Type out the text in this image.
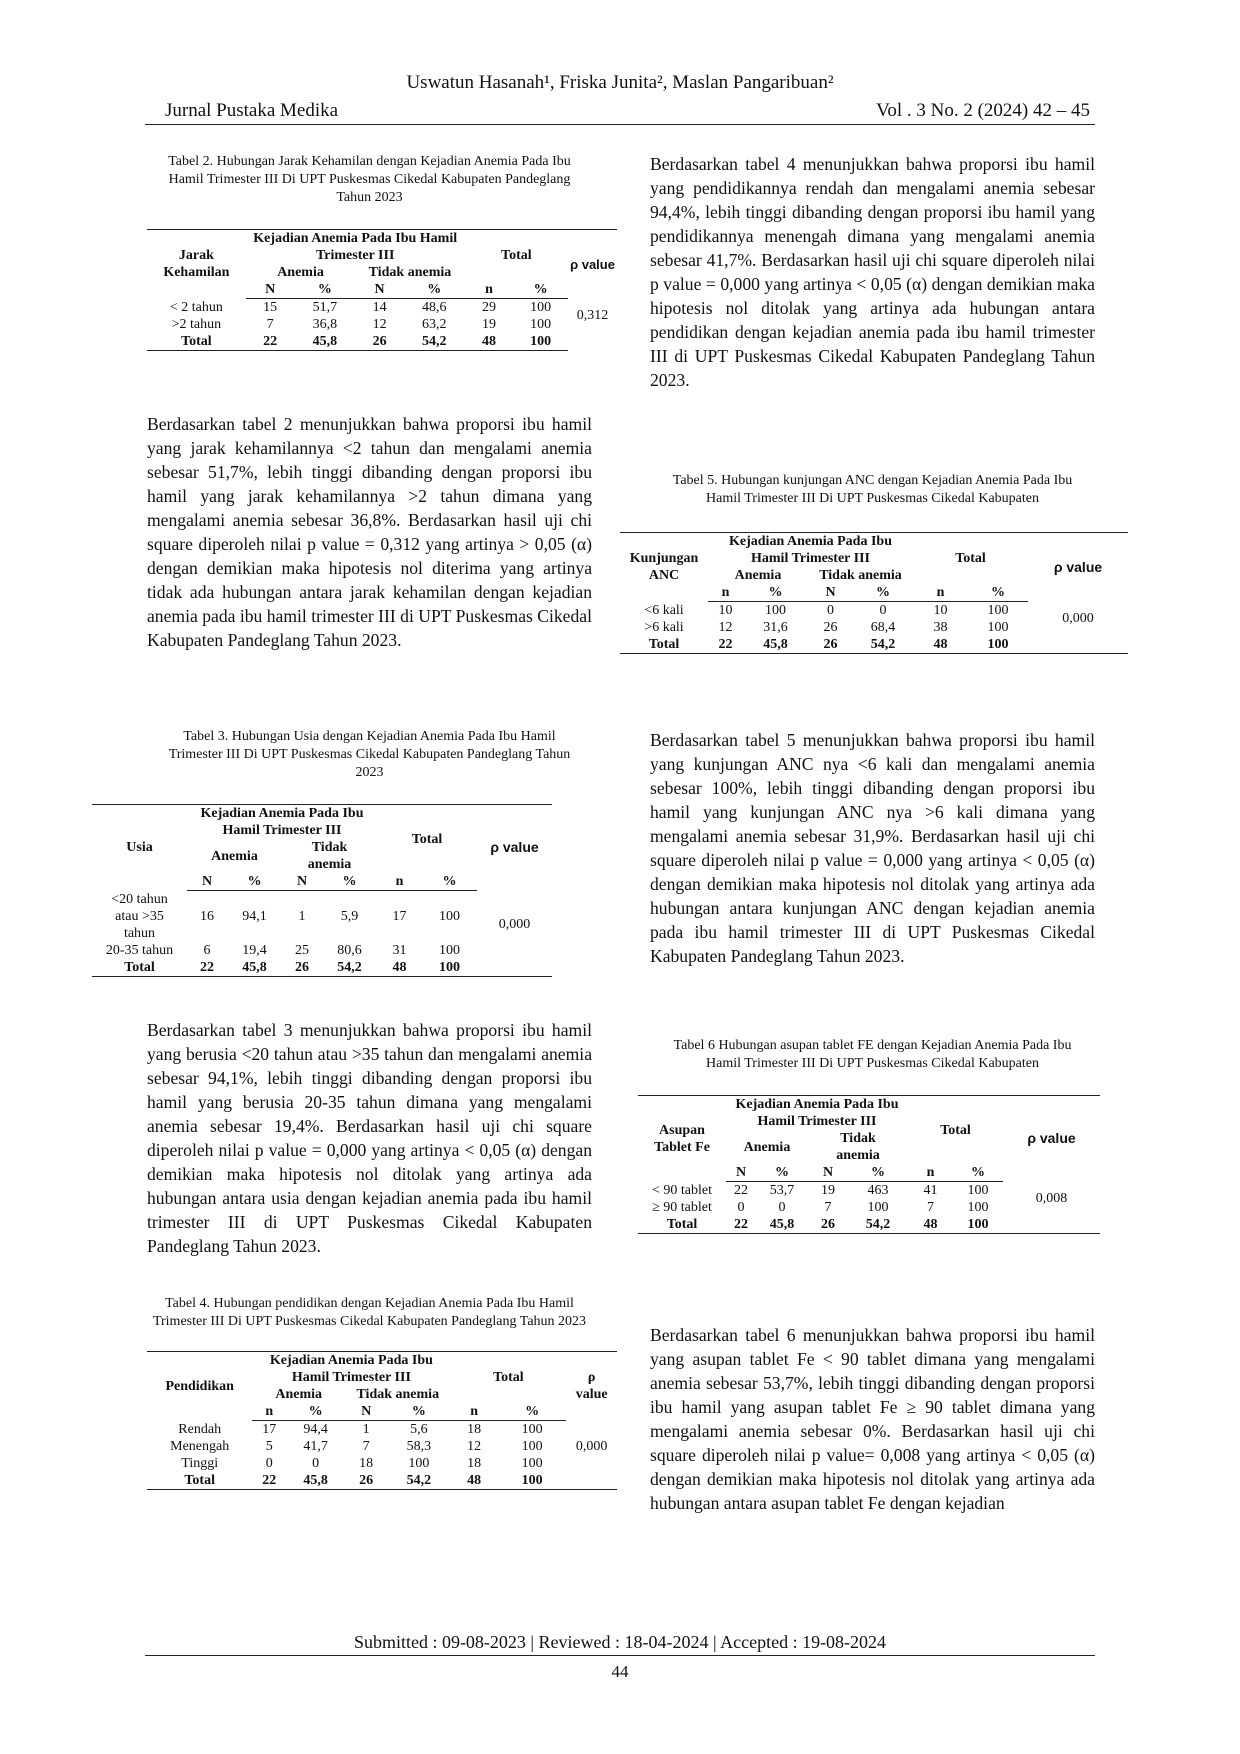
Uswatun Hasanah¹, Friska Junita², Maslan Pangaribuan²
Jurnal Pustaka Medika	Vol . 3 No. 2 (2024) 42 – 45
Tabel 2. Hubungan Jarak Kehamilan dengan Kejadian Anemia Pada Ibu Hamil Trimester III Di UPT Puskesmas Cikedal Kabupaten Pandeglang Tahun 2023
Jarak Kehamilan	Kejadian Anemia Pada Ibu Hamil Trimester III				Total		ρ value
	Anemia		Tidak anemia				
	N	%	N	%	n	%	
< 2 tahun	15	51,7	14	48,6	29	100	0,312
>2 tahun	7	36,8	12	63,2	19	100	
Total	22	45,8	26	54,2	48	100	

Berdasarkan tabel 2 menunjukkan bahwa proporsi ibu hamil yang jarak kehamilannya <2 tahun dan mengalami anemia sebesar 51,7%, lebih tinggi dibanding dengan proporsi ibu hamil yang jarak kehamilannya >2 tahun dimana yang mengalami anemia sebesar 36,8%. Berdasarkan hasil uji chi square diperoleh nilai p value = 0,312 yang artinya > 0,05 (α) dengan demikian maka hipotesis nol diterima yang artinya tidak ada hubungan antara jarak kehamilan dengan kejadian anemia pada ibu hamil trimester III di UPT Puskesmas Cikedal Kabupaten Pandeglang Tahun 2023.

Tabel 3. Hubungan Usia dengan Kejadian Anemia Pada Ibu Hamil Trimester III Di UPT Puskesmas Cikedal Kabupaten Pandeglang Tahun 2023
Usia	Kejadian Anemia Pada Ibu Hamil Trimester III				Total		ρ value
	Anemia		Tidak anemia				

	N	%	N	%	n	%	
<20 tahun atau >35 tahun	16	94,1	1	5,9	17	100	0,000
20-35 tahun	6	19,4	25	80,6	31	100	
Total	22	45,8	26	54,2	48	100	

Berdasarkan tabel 3 menunjukkan bahwa proporsi ibu hamil yang berusia <20 tahun atau >35 tahun dan mengalami anemia sebesar 94,1%, lebih tinggi dibanding dengan proporsi ibu hamil yang berusia 20-35 tahun dimana yang mengalami anemia sebesar 19,4%. Berdasarkan hasil uji chi square diperoleh nilai p value = 0,000 yang artinya < 0,05 (α) dengan demikian maka hipotesis nol ditolak yang artinya ada hubungan antara usia dengan kejadian anemia pada ibu hamil trimester III di UPT Puskesmas Cikedal Kabupaten Pandeglang Tahun 2023.

Tabel 4. Hubungan pendidikan dengan Kejadian Anemia Pada Ibu Hamil Trimester III Di UPT Puskesmas Cikedal Kabupaten Pandeglang Tahun 2023
Pendidikan	Kejadian Anemia Pada Ibu Hamil Trimester III				Total		ρ value
	Anemia		Tidak anemia				
	n	%	N	%	n	%	
Rendah	17	94,4	1	5,6	18	100	0,000
Menengah	5	41,7	7	58,3	12	100	
Tinggi	0	0	18	100	18	100	
Total	22	45,8	26	54,2	48	100	

Berdasarkan tabel 4 menunjukkan bahwa proporsi ibu hamil yang pendidikannya rendah dan mengalami anemia sebesar 94,4%, lebih tinggi dibanding dengan proporsi ibu hamil yang pendidikannya menengah dimana yang mengalami anemia sebesar 41,7%. Berdasarkan hasil uji chi square diperoleh nilai p value = 0,000 yang artinya < 0,05 (α) dengan demikian maka hipotesis nol ditolak yang artinya ada hubungan antara pendidikan dengan kejadian anemia pada ibu hamil trimester III di UPT Puskesmas Cikedal Kabupaten Pandeglang Tahun 2023.

Tabel 5. Hubungan kunjungan ANC dengan Kejadian Anemia Pada Ibu Hamil Trimester III Di UPT Puskesmas Cikedal Kabupaten
Kunjungan ANC	Kejadian Anemia Pada Ibu Hamil Trimester III				Total		ρ value
	Anemia		Tidak anemia				
	n	%	N	%	n	%	
<6 kali	10	100	0	0	10	100	0,000
>6 kali	12	31,6	26	68,4	38	100	
Total	22	45,8	26	54,2	48	100	

Berdasarkan tabel 5 menunjukkan bahwa proporsi ibu hamil yang kunjungan ANC nya <6 kali dan mengalami anemia sebesar 100%, lebih tinggi dibanding dengan proporsi ibu hamil yang kunjungan ANC nya >6 kali dimana yang mengalami anemia sebesar 31,9%. Berdasarkan hasil uji chi square diperoleh nilai p value = 0,000 yang artinya < 0,05 (α) dengan demikian maka hipotesis nol ditolak yang artinya ada hubungan antara kunjungan ANC dengan kejadian anemia pada ibu hamil trimester III di UPT Puskesmas Cikedal Kabupaten Pandeglang Tahun 2023.

Tabel 6 Hubungan asupan tablet FE dengan Kejadian Anemia Pada Ibu Hamil Trimester III Di UPT Puskesmas Cikedal Kabupaten
Asupan Tablet Fe	Kejadian Anemia Pada Ibu Hamil Trimester III				Total		ρ value
	Anemia		Tidak anemia				

	N	%	N	%	n	%	
< 90 tablet	22	53,7	19	463	41	100	0,008
≥ 90 tablet	0	0	7	100	7	100	
Total	22	45,8	26	54,2	48	100	

Berdasarkan tabel 6 menunjukkan bahwa proporsi ibu hamil yang asupan tablet Fe < 90 tablet dimana yang mengalami anemia sebesar 53,7%, lebih tinggi dibanding dengan proporsi ibu hamil yang asupan tablet Fe ≥ 90 tablet dimana yang mengalami anemia sebesar 0%. Berdasarkan hasil uji chi square diperoleh nilai p value= 0,008 yang artinya < 0,05 (α) dengan demikian maka hipotesis nol ditolak yang artinya ada hubungan antara asupan tablet Fe dengan kejadian

Submitted : 09-08-2023 | Reviewed : 18-04-2024 | Accepted : 19-08-2024
44
